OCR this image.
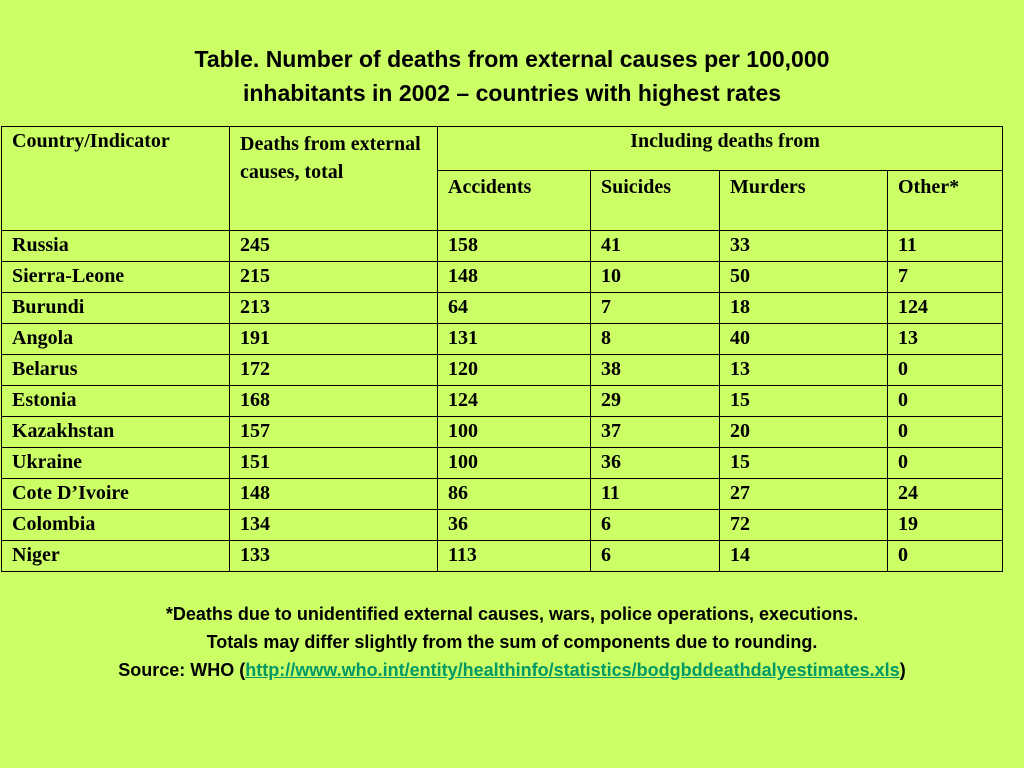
Table. Number of deaths from external causes per 100,000
inhabitants in 2002 – countries with highest rates
Country/Indicator	Deaths from external causes, total	Including deaths from			
		Accidents	Suicides	Murders	Other*
Russia	245	158	41	33	11
Sierra-Leone	215	148	10	50	7
Burundi	213	64	7	18	124
Angola	191	131	8	40	13
Belarus	172	120	38	13	0
Estonia	168	124	29	15	0
Kazakhstan	157	100	37	20	0
Ukraine	151	100	36	15	0
Cote D’Ivoire	148	86	11	27	24
Colombia	134	36	6	72	19
Niger	133	113	6	14	0
*Deaths due to unidentified external causes, wars, police operations, executions.
Totals may differ slightly from the sum of components due to rounding.
Source: WHO (http://www.who.int/entity/healthinfo/statistics/bodgbddeathdalyestimates.xls)
